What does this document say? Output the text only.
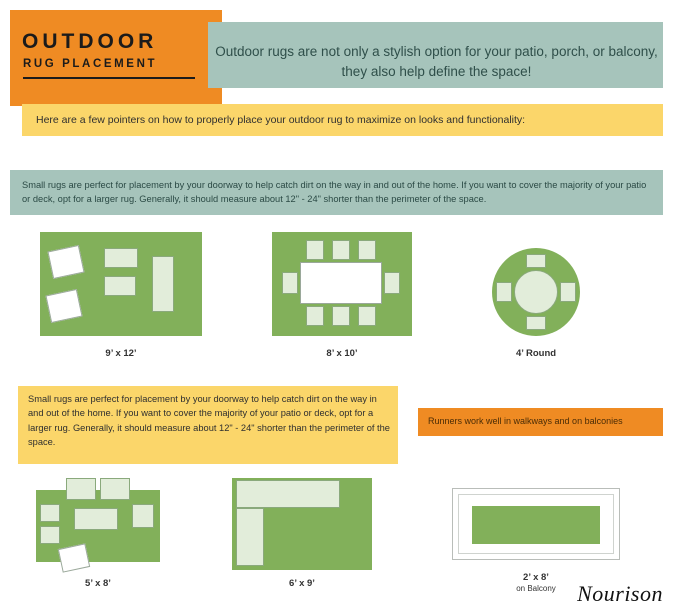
OUTDOOR
RUG PLACEMENT
Outdoor rugs are not only a stylish option for your patio, porch, or balcony, they also help define the space!
Here are a few pointers on how to properly place your outdoor rug to maximize on looks and functionality:
Small rugs are perfect for placement by your doorway to help catch dirt on the way in and out of the home. If you want to cover the majority of your patio or deck, opt for a larger rug. Generally, it should measure about 12" - 24" shorter than the perimeter of the space.
9’ x 12’	8’ x 10’	4’ Round
Small rugs are perfect for placement by your doorway to help catch dirt on the way in and out of the home. If you want to cover the majority of your patio or deck, opt for a larger rug. Generally, it should measure about 12" - 24" shorter than the perimeter of the space.
Runners work well in walkways and on balconies
5’ x 8’	6’ x 9’
2’ x 8’
on Balcony Nourison
